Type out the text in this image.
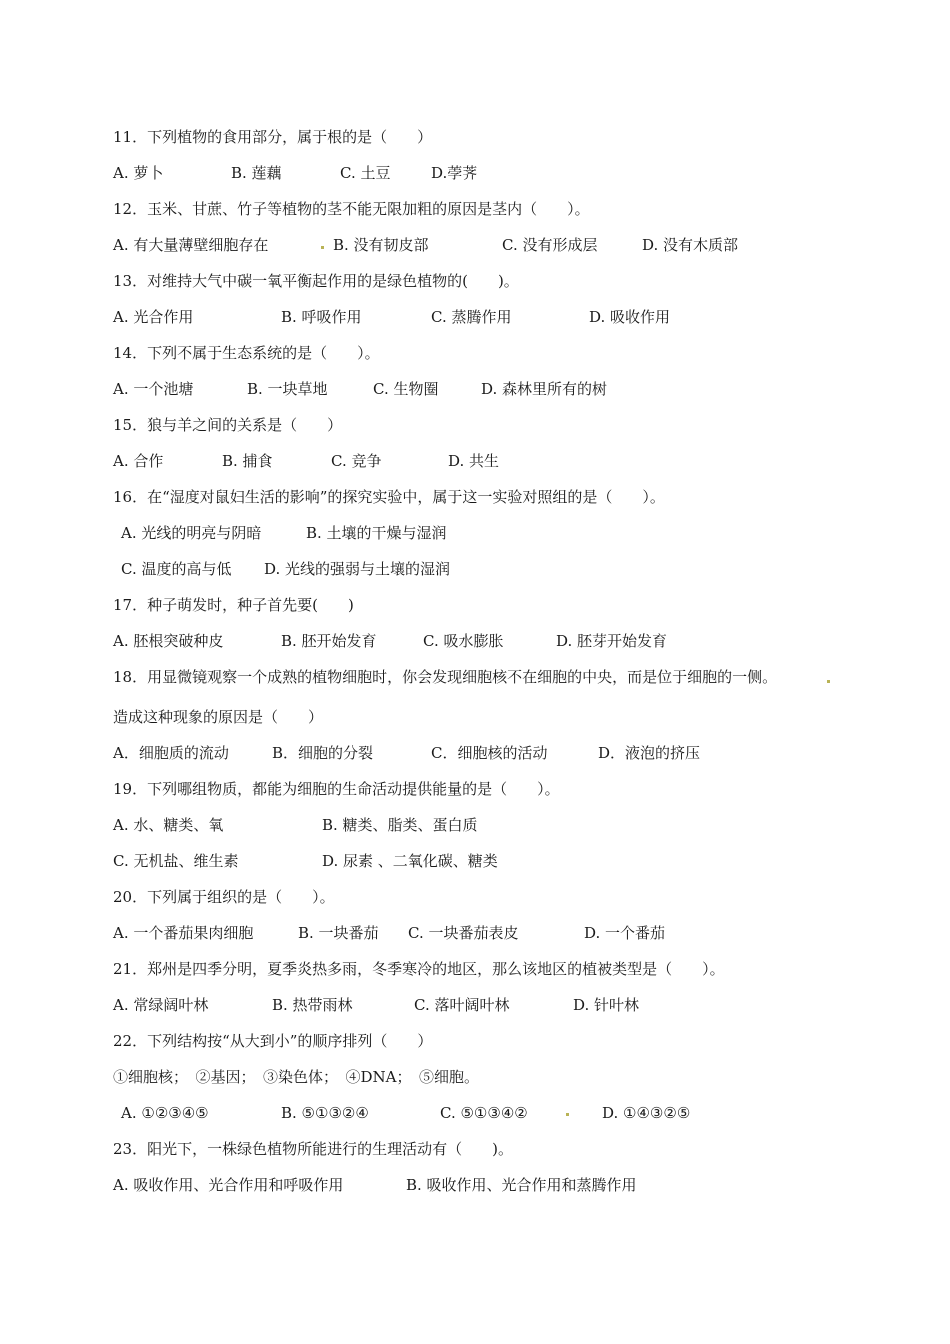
11．下列植物的食用部分，属于根的是（　　）
A. 萝卜	B. 莲藕	C. 土豆	D.荸荠
12．玉米、甘蔗、竹子等植物的茎不能无限加粗的原因是茎内（　　）。
A. 有大量薄壁细胞存在	B. 没有韧皮部	C. 没有形成层	D. 没有木质部
13．对维持大气中碳一氧平衡起作用的是绿色植物的(　　)。
A. 光合作用	B. 呼吸作用	C. 蒸腾作用	D. 吸收作用
14．下列不属于生态系统的是（　　）。
A. 一个池塘	B. 一块草地	C. 生物圈	D. 森林里所有的树
15．狼与羊之间的关系是（　　）
A. 合作	B. 捕食	C. 竞争	D. 共生
16．在“湿度对鼠妇生活的影响”的探究实验中，属于这一实验对照组的是（　　）。
A. 光线的明亮与阴暗	B. 土壤的干燥与湿润
C. 温度的高与低 D. 光线的强弱与土壤的湿润
17．种子萌发时，种子首先要(　　)
A. 胚根突破种皮	B. 胚开始发育	C. 吸水膨胀	D. 胚芽开始发育
18．用显微镜观察一个成熟的植物细胞时，你会发现细胞核不在细胞的中央，而是位于细胞的一侧。
造成这种现象的原因是（　　）
A．细胞质的流动	B．细胞的分裂	C．细胞核的活动	D．液泡的挤压
19．下列哪组物质，都能为细胞的生命活动提供能量的是（　　）。
A. 水、糖类、氧	B. 糖类、脂类、蛋白质
C. 无机盐、维生素	D. 尿素 、二氧化碳、糖类
20．下列属于组织的是（　　）。
A. 一个番茄果肉细胞	B. 一块番茄 C. 一块番茄表皮	D. 一个番茄
21．郑州是四季分明，夏季炎热多雨，冬季寒冷的地区，那么该地区的植被类型是（　　）。
A. 常绿阔叶林	B. 热带雨林	C. 落叶阔叶林	D. 针叶林
22．下列结构按“从大到小”的顺序排列（　　）
①细胞核；　②基因；　③染色体；　④DNA；　⑤细胞。
A. ①②③④⑤	B. ⑤①③②④	C. ⑤①③④②	D. ①④③②⑤
23．阳光下，一株绿色植物所能进行的生理活动有（　　)。
A. 吸收作用、光合作用和呼吸作用	B. 吸收作用、光合作用和蒸腾作用
